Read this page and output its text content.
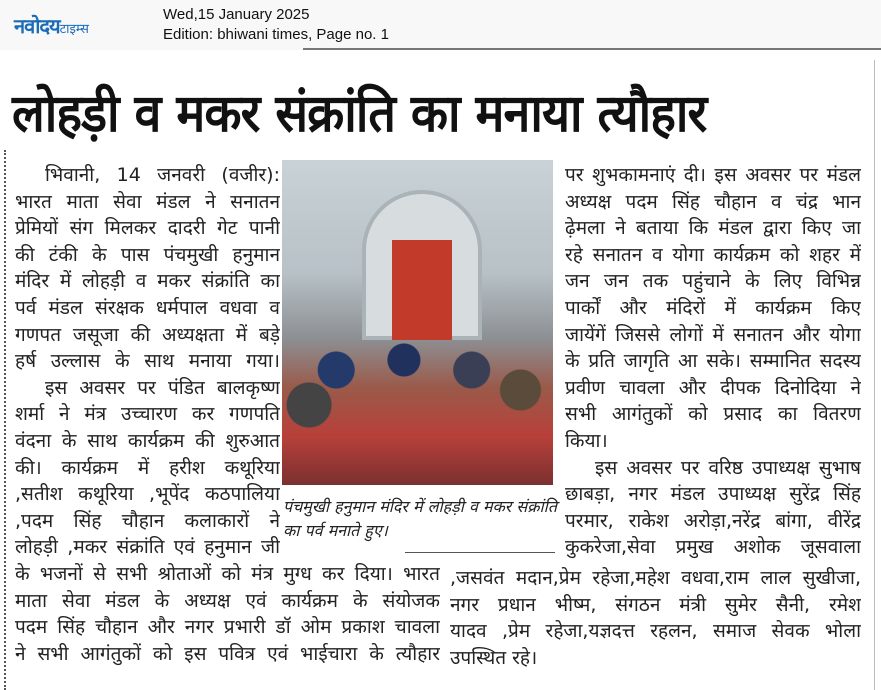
नवोदयटाइम्स
Wed,15 January 2025
Edition: bhiwani times, Page no. 1
लोहड़ी व मकर संक्रांति का मनाया त्यौहार
भिवानी, 14 जनवरी (वजीर):
भारत माता सेवा मंडल ने सनातन
प्रेमियों संग मिलकर दादरी गेट पानी
की टंकी के पास पंचमुखी हनुमान
मंदिर में लोहड़ी व मकर संक्रांति का
पर्व मंडल संरक्षक धर्मपाल वधवा व
गणपत जसूजा की अध्यक्षता में बड़े
हर्ष उल्लास के साथ मनाया गया।
इस अवसर पर पंडित बालकृष्ण
शर्मा ने मंत्र उच्चारण कर गणपति
वंदना के साथ कार्यक्रम की शुरुआत
की। कार्यक्रम में हरीश कथूरिया
,सतीश कथूरिया ,भूपेंद कठपालिया
,पदम सिंह चौहान कलाकारों ने
लोहड़ी ,मकर संक्रांति एवं हनुमान जी
के भजनों से सभी श्रोताओं को मंत्र मुग्ध कर दिया। भारत
माता सेवा मंडल के अध्यक्ष एवं कार्यक्रम के संयोजक
पदम सिंह चौहान और नगर प्रभारी डॉ ओम प्रकाश चावला
ने सभी आगंतुकों को इस पवित्र एवं भाईचारा के त्यौहार
पर शुभकामनाएं दी। इस अवसर पर मंडल
अध्यक्ष पदम सिंह चौहान व चंद्र भान
ढ़ेमला ने बताया कि मंडल द्वारा किए जा
रहे सनातन व योगा कार्यक्रम को शहर में
जन जन तक पहुंचाने के लिए विभिन्न
पार्कों और मंदिरों में कार्यक्रम किए
जायेंगें जिससे लोगों में सनातन और योगा
के प्रति जागृति आ सके। सम्मानित सदस्य
प्रवीण चावला और दीपक दिनोदिया ने
सभी आगंतुकों को प्रसाद का वितरण
किया।
इस अवसर पर वरिष्ठ उपाध्यक्ष सुभाष
छाबड़ा, नगर मंडल उपाध्यक्ष सुरेंद्र सिंह
परमार, राकेश अरोड़ा,नरेंद्र बांगा, वीरेंद्र
कुकरेजा,सेवा प्रमुख अशोक जूसवाला
,जसवंत मदान,प्रेम रहेजा,महेश वधवा,राम लाल सुखीजा,
नगर प्रधान भीष्म, संगठन मंत्री सुमेर सैनी, रमेश
यादव ,प्रेम रहेजा,यज्ञदत्त रहलन, समाज सेवक भोला
उपस्थित रहे।
पंचमुखी हनुमान मंदिर में लोहड़ी व मकर संक्रांति
का पर्व मनाते हुए।
